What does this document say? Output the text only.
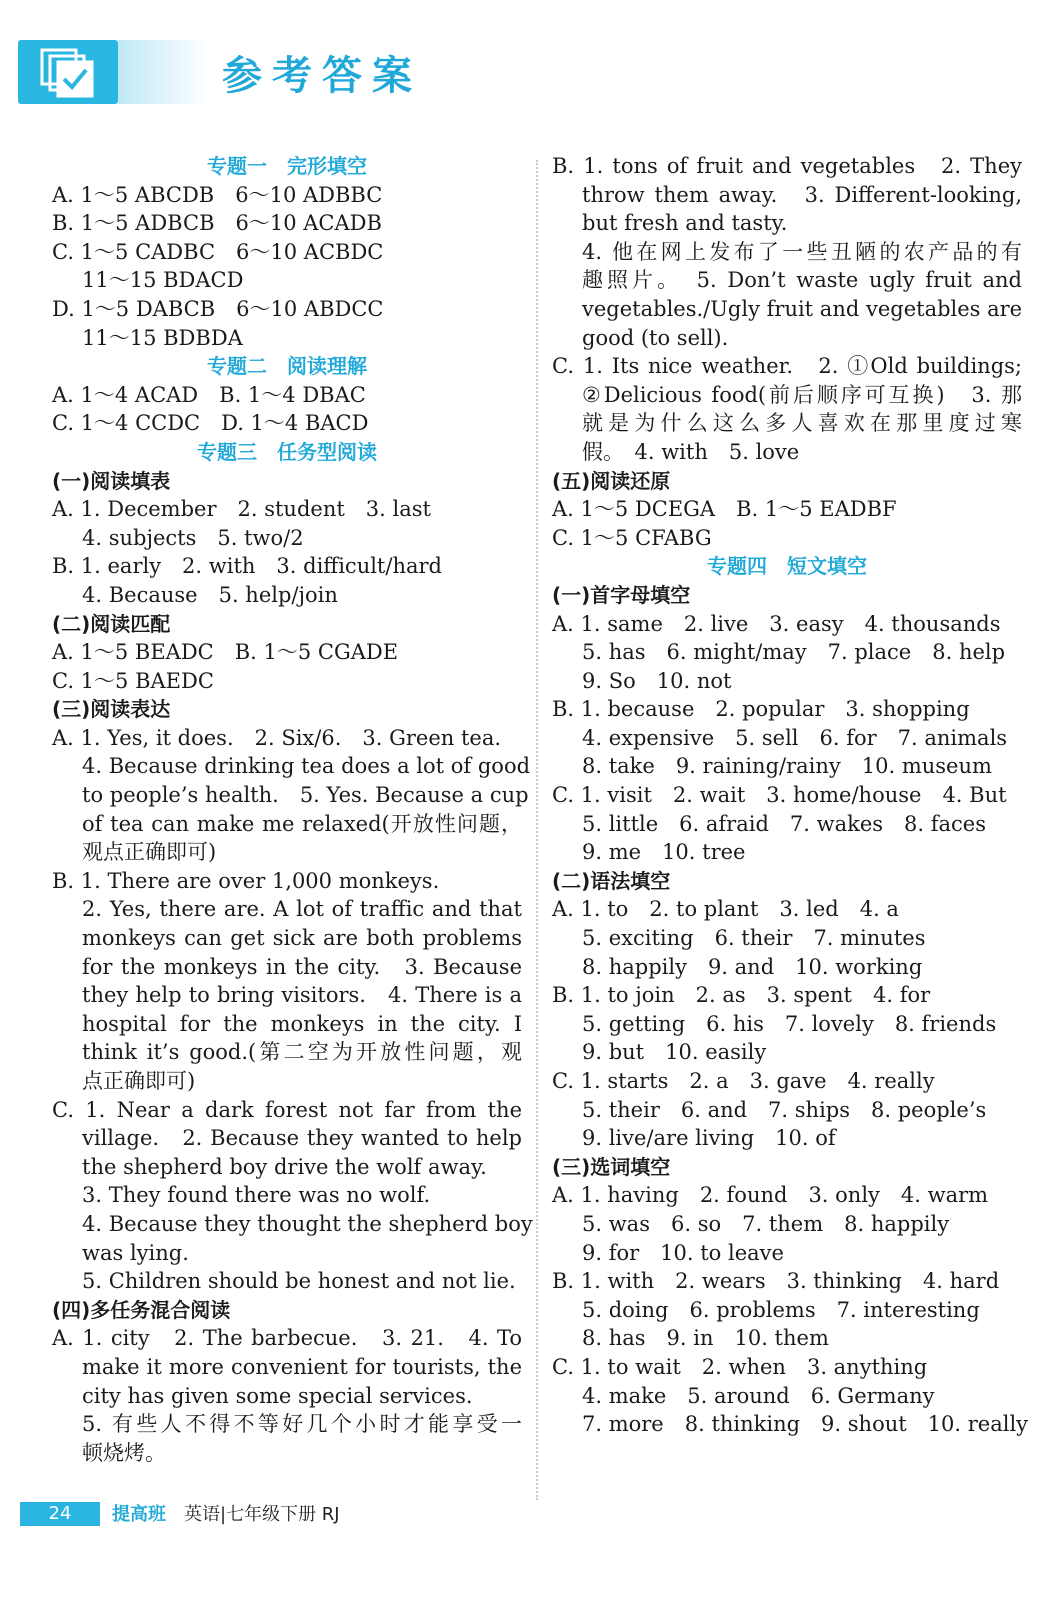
参考答案
专题一　完形填空
A. 1～5 ABCDB　6～10 ADBBC
B. 1～5 ADBCB　6～10 ACADB
C. 1～5 CADBC　6～10 ACBDC
11～15 BDACD
D. 1～5 DABCB　6～10 ABDCC
11～15 BDBDA
专题二　阅读理解
A. 1～4 ACAD　B. 1～4 DBAC
C. 1～4 CCDC　D. 1～4 BACD
专题三　任务型阅读
(一)阅读填表
A. 1. December　2. student　3. last
4. subjects　5. two/2
B. 1. early　2. with　3. difficult/hard
4. Because　5. help/join
(二)阅读匹配
A. 1～5 BEADC　B. 1～5 CGADE
C. 1～5 BAEDC
(三)阅读表达
A. 1. Yes, it does.　2. Six/6.　3. Green tea.
4. Because drinking tea does a lot of good
to people’s health.　5. Yes. Because a cup
of tea can make me relaxed(开放性问题，
观点正确即可)
B. 1. There are over 1,000 monkeys.
2. Yes, there are. A lot of traffic and that
monkeys can get sick are both problems
for the monkeys in the city.　3. Because
they help to bring visitors.　4. There is a
hospital for the monkeys in the city. I
think it’s good.(第二空为开放性问题，观
点正确即可)
C. 1. Near a dark forest not far from the
village.　2. Because they wanted to help
the shepherd boy drive the wolf away.
3. They found there was no wolf.
4. Because they thought the shepherd boy
was lying.
5. Children should be honest and not lie.
(四)多任务混合阅读
A. 1. city　2. The barbecue.　3. 21.　4. To
make it more convenient for tourists, the
city has given some special services.
5. 有些人不得不等好几个小时才能享受一
顿烧烤。
B. 1. tons of fruit and vegetables　2. They
throw them away.　3. Different-looking,
but fresh and tasty.
4. 他在网上发布了一些丑陋的农产品的有
趣照片。　5. Don’t waste ugly fruit and
vegetables./Ugly fruit and vegetables are
good (to sell).
C. 1. Its nice weather.　2. ①Old buildings;
②Delicious food(前后顺序可互换)　3. 那
就是为什么这么多人喜欢在那里度过寒
假。　4. with　5. love
(五)阅读还原
A. 1～5 DCEGA　B. 1～5 EADBF
C. 1～5 CFABG
专题四　短文填空
(一)首字母填空
A. 1. same　2. live　3. easy　4. thousands
5. has　6. might/may　7. place　8. help
9. So　10. not
B. 1. because　2. popular　3. shopping
4. expensive　5. sell　6. for　7. animals
8. take　9. raining/rainy　10. museum
C. 1. visit　2. wait　3. home/house　4. But
5. little　6. afraid　7. wakes　8. faces
9. me　10. tree
(二)语法填空
A. 1. to　2. to plant　3. led　4. a
5. exciting　6. their　7. minutes
8. happily　9. and　10. working
B. 1. to join　2. as　3. spent　4. for
5. getting　6. his　7. lovely　8. friends
9. but　10. easily
C. 1. starts　2. a　3. gave　4. really
5. their　6. and　7. ships　8. people’s
9. live/are living　10. of
(三)选词填空
A. 1. having　2. found　3. only　4. warm
5. was　6. so　7. them　8. happily
9. for　10. to leave
B. 1. with　2. wears　3. thinking　4. hard
5. doing　6. problems　7. interesting
8. has　9. in　10. them
C. 1. to wait　2. when　3. anything
4. make　5. around　6. Germany
7. more　8. thinking　9. shout　10. really
24	提高班 英语|七年级下册 RJ
